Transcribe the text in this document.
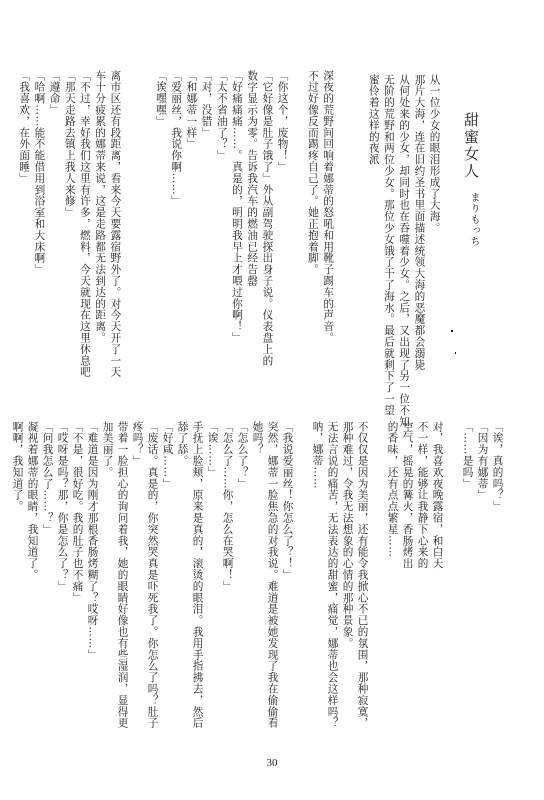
甜蜜女人
まりもっち
从一位少女的眼泪形成了大海。
那片大海，连在旧约圣书里面描述统领大海的恶魔都会溺毙
从何处来的少女，却同时也在吞噬着少女。之后，又出现了另一位不知
无阶的荒野和两位少女。那位少女饿了干了海水。最后就剩下了一望
蜜伶着这样的夜派
深夜的荒野间回响着娜蒂的怒吼和用靴子踢车的声音。
不过好像反而踢疼自己了。她正抱着脚。
「你这个，废物！」
「它好像是肚子饿了」外从副驾驶探出身子说。仪表盘上的
数字显示为零。告诉我汽车的燃油已经告罄
「好痛痛痛……。真是的，明明我早上才喂过你啊！」
「太不省油了？」
「对，没错」
「和娜蒂一样」
「爱丽丝，我说你啊……」
「诶嘿嘿」
离市区还有段距离，看来今天要露宿野外了。对今天开了一天
车十分疲累的娜蒂来说，这是走路都无法到达的距离。
「不过，幸好我们这里有许多，燃料，今天就现在这里休息吧
「那天走路去镇上我人来修」
「遵命」
「哈啊……能不能借用到浴室和大床啊」
「我喜欢，在外面睡」
「诶，真的吗？」
「因为有娜蒂」
「……是吗」
对，我喜欢夜晚露宿，和白天
不一样，能够让我静下心来的
空气，摇晃的篝火，香肠烤出
的香味，还有点点繁星……
不仅仅是因为美丽，还有能令我掀心不已的氛围，那种寂寞，
那种难过，令我无法想象的心情的那种景象。
无法言说的痛苦，无法表达的甜蜜，痛觉，娜蒂也会这样吗？
呐，娜蒂……
「我说爱丽丝！你怎么了？！」
突然，娜蒂一脸焦急的对我说。难道是被她发现了我在偷偷看
她吗？
「怎么了？」
「怎么了……你，怎么在哭啊！」
「诶……」
手抚上脸颊，原来是真的，滚烫的眼泪。我用手指拂去，然后
舔了舔。
「好咸……」
「废话。真是的，你突然哭真是吓死我了。你怎么了吗？肚子
疼吗？」
带着一脸担心的询问着我，她的眼睛好像也有些湿润，显得更
加美丽了。
「难道是因为刚才那根香肠烤糊了？哎呀……」
「不是，很好吃。我的肚子也不痛」
「哎呀是吗？那，你是怎么了？」
「问我怎么了……？」
凝视着娜蒂的眼睛，我知道了。
啊啊，我知道了。
30
